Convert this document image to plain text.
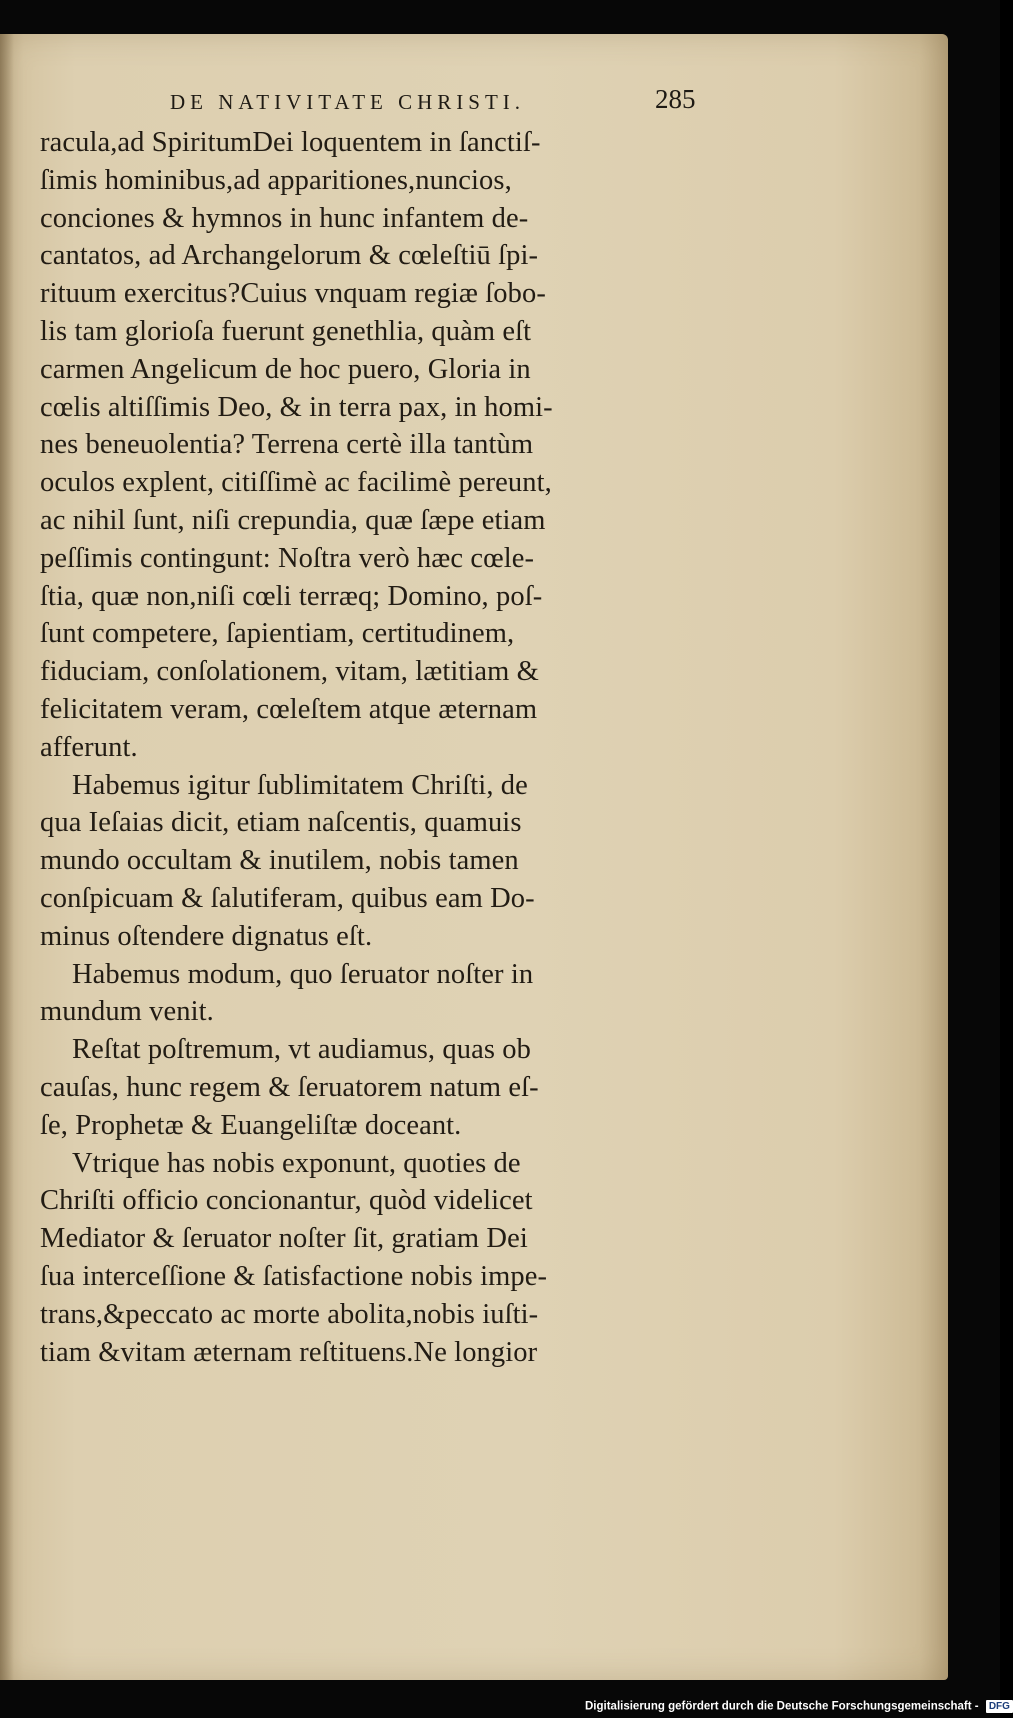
DE NATIVITATE CHRISTI.	285
racula,ad SpiritumDei loquentem in ſanctiſ-
ſimis hominibus,ad apparitiones,nuncios,
conciones & hymnos in hunc infantem de-
cantatos, ad Archangelorum & cœleſtiū ſpi-
rituum exercitus?Cuius vnquam regiæ ſobo-
lis tam glorioſa fuerunt genethlia, quàm eſt
carmen Angelicum de hoc puero, Gloria in
cœlis altiſſimis Deo, & in terra pax, in homi-
nes beneuolentia? Terrena certè illa tantùm
oculos explent, citiſſimè ac facilimè pereunt,
ac nihil ſunt, niſi crepundia, quæ ſæpe etiam
peſſimis contingunt: Noſtra verò hæc cœle-
ſtia, quæ non,niſi cœli terræq; Domino, poſ-
ſunt competere, ſapientiam, certitudinem,
fiduciam, conſolationem, vitam, lætitiam &
felicitatem veram, cœleſtem atque æternam
afferunt.
Habemus igitur ſublimitatem Chriſti, de
qua Ieſaias dicit, etiam naſcentis, quamuis
mundo occultam & inutilem, nobis tamen
conſpicuam & ſalutiferam, quibus eam Do-
minus oſtendere dignatus eſt.
Habemus modum, quo ſeruator noſter in
mundum venit.
Reſtat poſtremum, vt audiamus, quas ob
cauſas, hunc regem & ſeruatorem natum eſ-
ſe, Prophetæ & Euangeliſtæ doceant.
Vtrique has nobis exponunt, quoties de
Chriſti officio concionantur, quòd videlicet
Mediator & ſeruator noſter ſit, gratiam Dei
ſua interceſſione & ſatisfactione nobis impe-
trans,&peccato ac morte abolita,nobis iuſti-
tiam &vitam æternam reſtituens.Ne longior
Digitalisierung gefördert durch die Deutsche Forschungsgemeinschaft - DFG
